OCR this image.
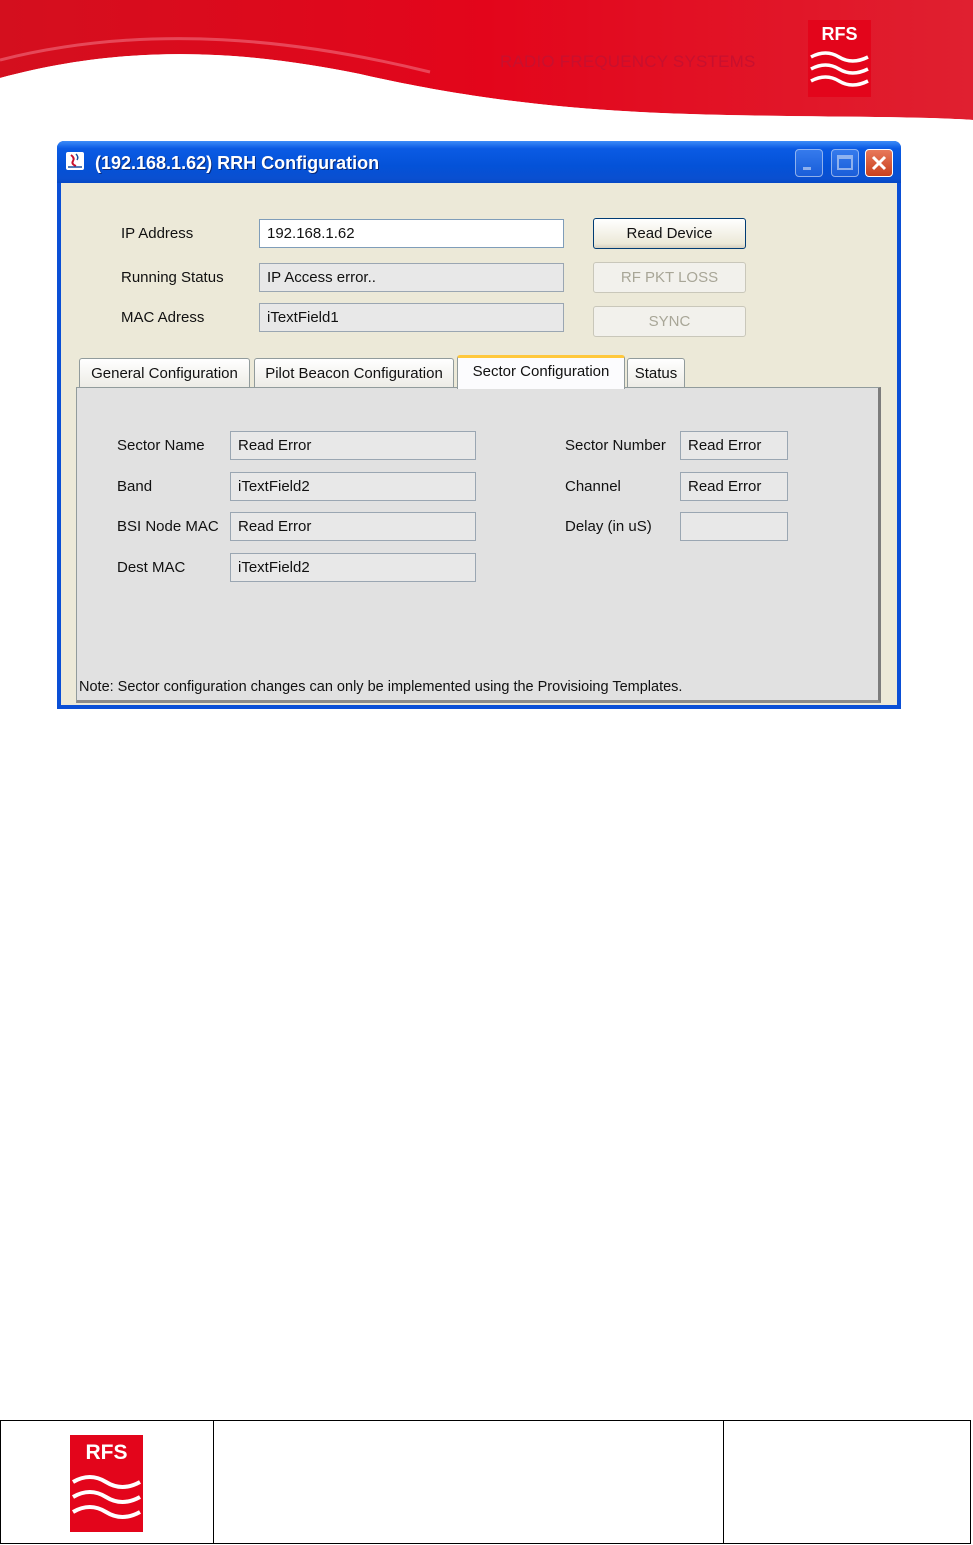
RADIO FREQUENCY SYSTEMS
RFS
(192.168.1.62) RRH Configuration
IP Address	192.168.1.62
Running Status	IP Access error..
MAC Adress	iTextField1
Read Device
RF PKT LOSS
SYNC
General Configuration	Pilot Beacon Configuration	Sector Configuration	Status
Sector Name	Read Error
Band	iTextField2
BSI Node MAC	Read Error
Dest MAC	iTextField2
Sector Number	Read Error
Channel	Read Error
Delay (in uS)
Note: Sector configuration changes can only be implemented using the Provisioing Templates.
RFS
